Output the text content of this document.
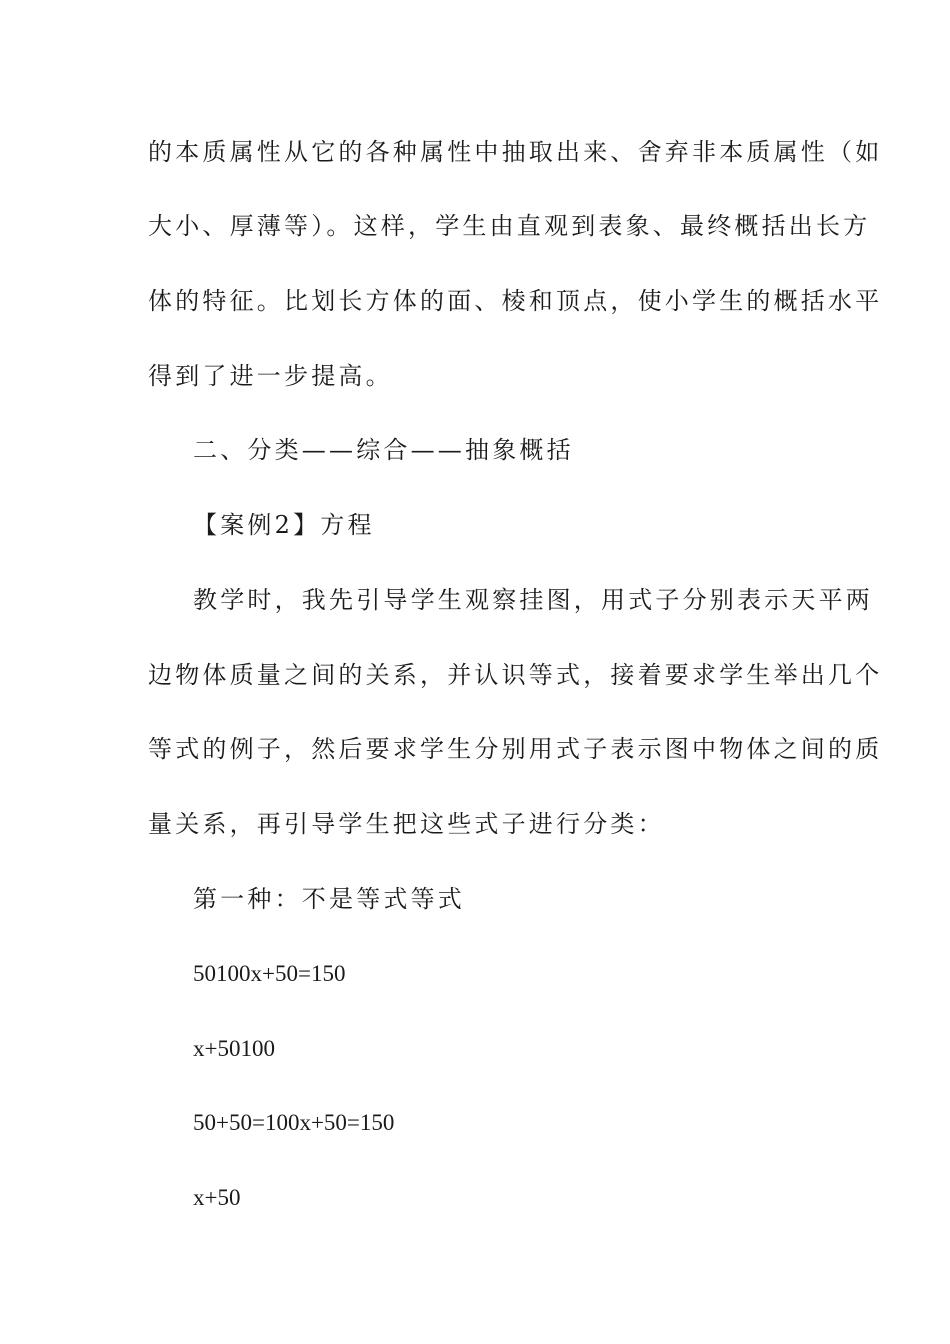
的本质属性从它的各种属性中抽取出来、舍弃非本质属性（如
大小、厚薄等）。这样，学生由直观到表象、最终概括出长方
体的特征。比划长方体的面、棱和顶点，使小学生的概括水平
得到了进一步提高。
二、分类——综合——抽象概括
【案例2】方程
教学时，我先引导学生观察挂图，用式子分别表示天平两
边物体质量之间的关系，并认识等式，接着要求学生举出几个
等式的例子，然后要求学生分别用式子表示图中物体之间的质
量关系，再引导学生把这些式子进行分类：
第一种：不是等式等式
50100x+50=150
x+50100
50+50=100x+50=150
x+50
